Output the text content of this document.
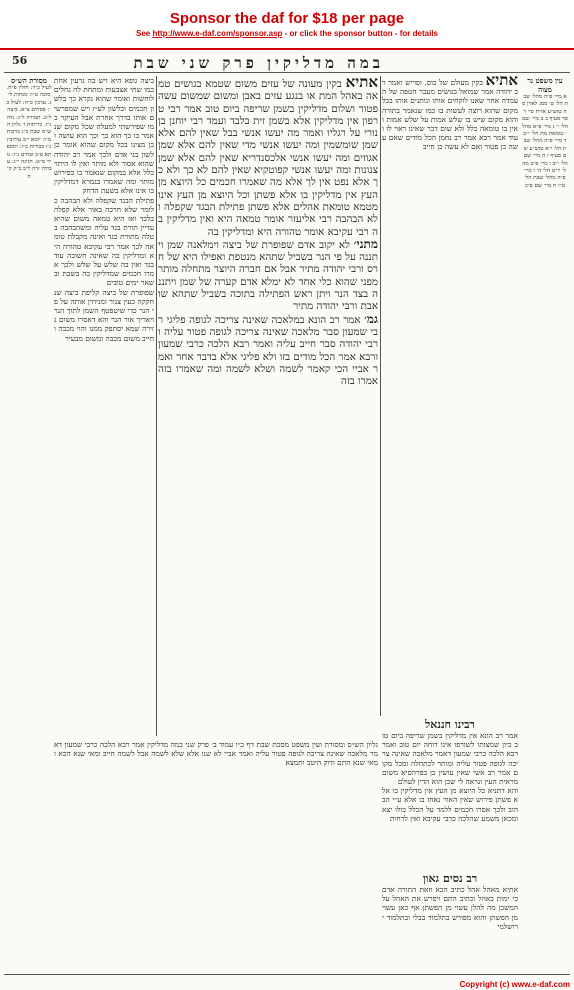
Sponsor the daf for $18 per page
See http://www.e-daf.com/sponsor.asp - or click the sponsor button - for details
56	במה מדליקין פרק שני שבת
מסורת הש״ס
לעיל כ״ד: חולין פ״ח. סוכה ט״ו: מנחות ל״ג. ערכין כ״ח: לעיל כ׳: פסחים צ״א. ביצה ל״ב. תמורה ל״ג: נדה נ״ו. כריתות ז׳ גליון הש״ס שבת כ״ג ברכות מ״ו: יומא י״ב עירובין נ״ו בכורות כ״ז: תוספתא פ״ב זבחים נ״ז: נזיר מ״ט. חגיגה י״ג: עבודה זרה ל״ב ב״ק ק״ה
עין משפט נר מצוה
א מיי׳ פ״ה מהל׳ שבת הל׳ ט׳ סמג לאוין סה טוש״ע או״ח סי׳ רסד סעיף ב ב מיי׳ שם הל׳ י׳ ג מיי׳ פ״א מהל׳ טומאת מת הל׳ י״ב ד מיי׳ פ״ה מהל׳ שבת הל׳ י״א טוש״ע שם סעיף ו ה מיי׳ שם הל׳ י״ב ו מיי׳ פ״ב מהל׳ יו״ט הל׳ ה׳ ז מיי׳ פ״ה מהל׳ שבת הל׳ ט״ו ח מיי׳ שם פ״כ
ביצה גופא היא ויש בה גרעין אחת כמו שתי אצבעות ומתחת לה גחלים לוחשות ואומר שהוא נקרא כך בלשון חכמים ובלשון לע״ז ויש שמפרשים אותו בדרך אחרת אבל העיקר כמו שפירשתי למעלה שכל מקום שנאמר בו כך הוא כך וכך הוא עושה וכן מצינו בכל מקום שהוא אומר כן לשון בני אדם ולכך אמר רב יהודה שהוא אסור ולא מותר ואין לו היתר כלל אלא במקום שנאמר בו בפירוש מותר ומה שאמרו בגמרא דמדליקין בו אינו אלא בשעת הדחק
פתילת הבגד שקפלה ולא הבהבה כלומר שלא חרכה באור אלא קפלה בלבד ואז היא טמאה משום שהיא עדיין תורת בגד עליה ומשהבהבה בטלה מתורת בגד ואינה מקבלת טומאה לכך אמר רבי עקיבא טהורה היא ומדליקין בה שאינה חשובה עוד בגד ואין בה שלש על שלש ולכך אמרו חכמים שמדליקין בה בשבת ובשאר ימים טובים
שפופרת של ביצה קליפת ביצה שנחקקה כעין צנור ומניחין אותה על פי הנר כדי שיטפטף השמן לתוך הנר ויאריך אור הנר והא דאסרו משום גזירה שמא יסתפק ממנו והוי מכבה וחייב משום מכבה ומשום מבעיר
אתיא בקין מעונה של עזים משום שטמא בגושים טמאה באהל המת או בנגע עזים באבן ומשום שמשום עשה פטור ושלום מדליקין בשמן שריפה ביום טוב אמר רבי טרפון אין מדליקין אלא בשמן זית בלבד ועמד רבי יוחנן בן נורי על רגליו ואמר מה יעשו אנשי בבל שאין להם אלא שמן שומשמין ומה יעשו אנשי מדי שאין להם אלא שמן אגוזים ומה יעשו אנשי אלכסנדריא שאין להם אלא שמן צנונות ומה יעשו אנשי קפוטקיא שאין להם לא כך ולא כך אלא נפט אין לך אלא מה שאמרו חכמים כל היוצא מן העץ אין מדליקין בו אלא פשתן וכל היוצא מן העץ אינו מטמא טומאת אהלים אלא פשתן פתילת הבגד שקפלה ולא הבהבה רבי אליעזר אומר טמאה היא ואין מדליקין בה רבי עקיבא אומר טהורה היא ומדליקין בה
מתני׳ לא יקוב אדם שפופרת של ביצה וימלאנה שמן ויתננה על פי הנר בשביל שתהא מנטפת ואפילו היא של חרס ורבי יהודה מתיר אבל אם חברה היוצר מתחלה מותר מפני שהוא כלי אחד לא ימלא אדם קערה של שמן ויתננה בצד הנר ויתן ראש הפתילה בתוכה בשביל שתהא שואבת ורבי יהודה מתיר
גמ׳ אמר רב הונא במלאכה שאינה צריכה לגופה פליגי רבי שמעון סבר מלאכה שאינה צריכה לגופה פטור עליה ורבי יהודה סבר חייב עליה ואמר רבא הלכה כרבי שמעון ורבא אמר הכל מודים בזו ולא פליגי אלא בדבר אחר ואמר אביי הכי קאמר לשמה ושלא לשמה ומה שאמרו בזה אמרו בזה
אתיא בקין מעולם של כוס. ופריש ואמר רב יהודה אמר שמואל בגושים מעבר הטפה של העמדה אחר שאנו לוקחים אותו ונותנים אותו בכל מקום שהוא רוצה לעשות בו כמו שנאמר בתורה והוא מקום שיש בו שלש אמות על שלש אמות ואין בו טומאה כלל ולא שום דבר שאינו ראוי לו ועוד אמר רבא אמר רב נחמן הכל מודים שאם עשה כן פטור ואם לא עשה כן חייב
רבינו חננאל
אמר רב הונא אין מדליקין בשמן שריפה ביום טוב כיון שמצותו לשורפו אינו דוחה יום טוב ואמר רבא הלכה כרבי שמעון דאמר מלאכה שאינה צריכה לגופה פטור עליה ומותר לכתחלה ומכל מקום אמר רב אשי שאין עושין כן בפרהסיא משום מראית העין ונראה לי שכן הוא הדין לעולם
והא דתניא כל היוצא מן העץ אין מדליקין בו אלא פשתן פירוש שאין האור נאחז בו אלא ע״י הבהוב ולכך אסרו חכמים ללמד על הכלל כולו יצא ומכאן משמע שהלכה כרבי עקיבא ואין לדחות
רב נסים גאון
אתיא מאהל אהל כתיב הכא וזאת התורה אדם כי ימות באהל וכתיב התם ויפרש את האהל על המשכן מה להלן עשוי מן הפשתן אף כאן עשוי מן הפשתן והוא מפורש בתלמוד בבלי ובתלמוד ירושלמי
גליון הש״ס ומסורת ועין משפט מסכת שבת דף כ״ו עמוד ב׳ פרק שני במה מדליקין אמר רבא הלכה כרבי שמעון דאמר מלאכה שאינה צריכה לגופה פטור עליה ואמר אביי לא שנו אלא שלא לשמה אבל לשמה חייב ומאי שנא הכא ומאי שנא התם ודוק היטב ותמצא
Copyright (c) www.e-daf.com
